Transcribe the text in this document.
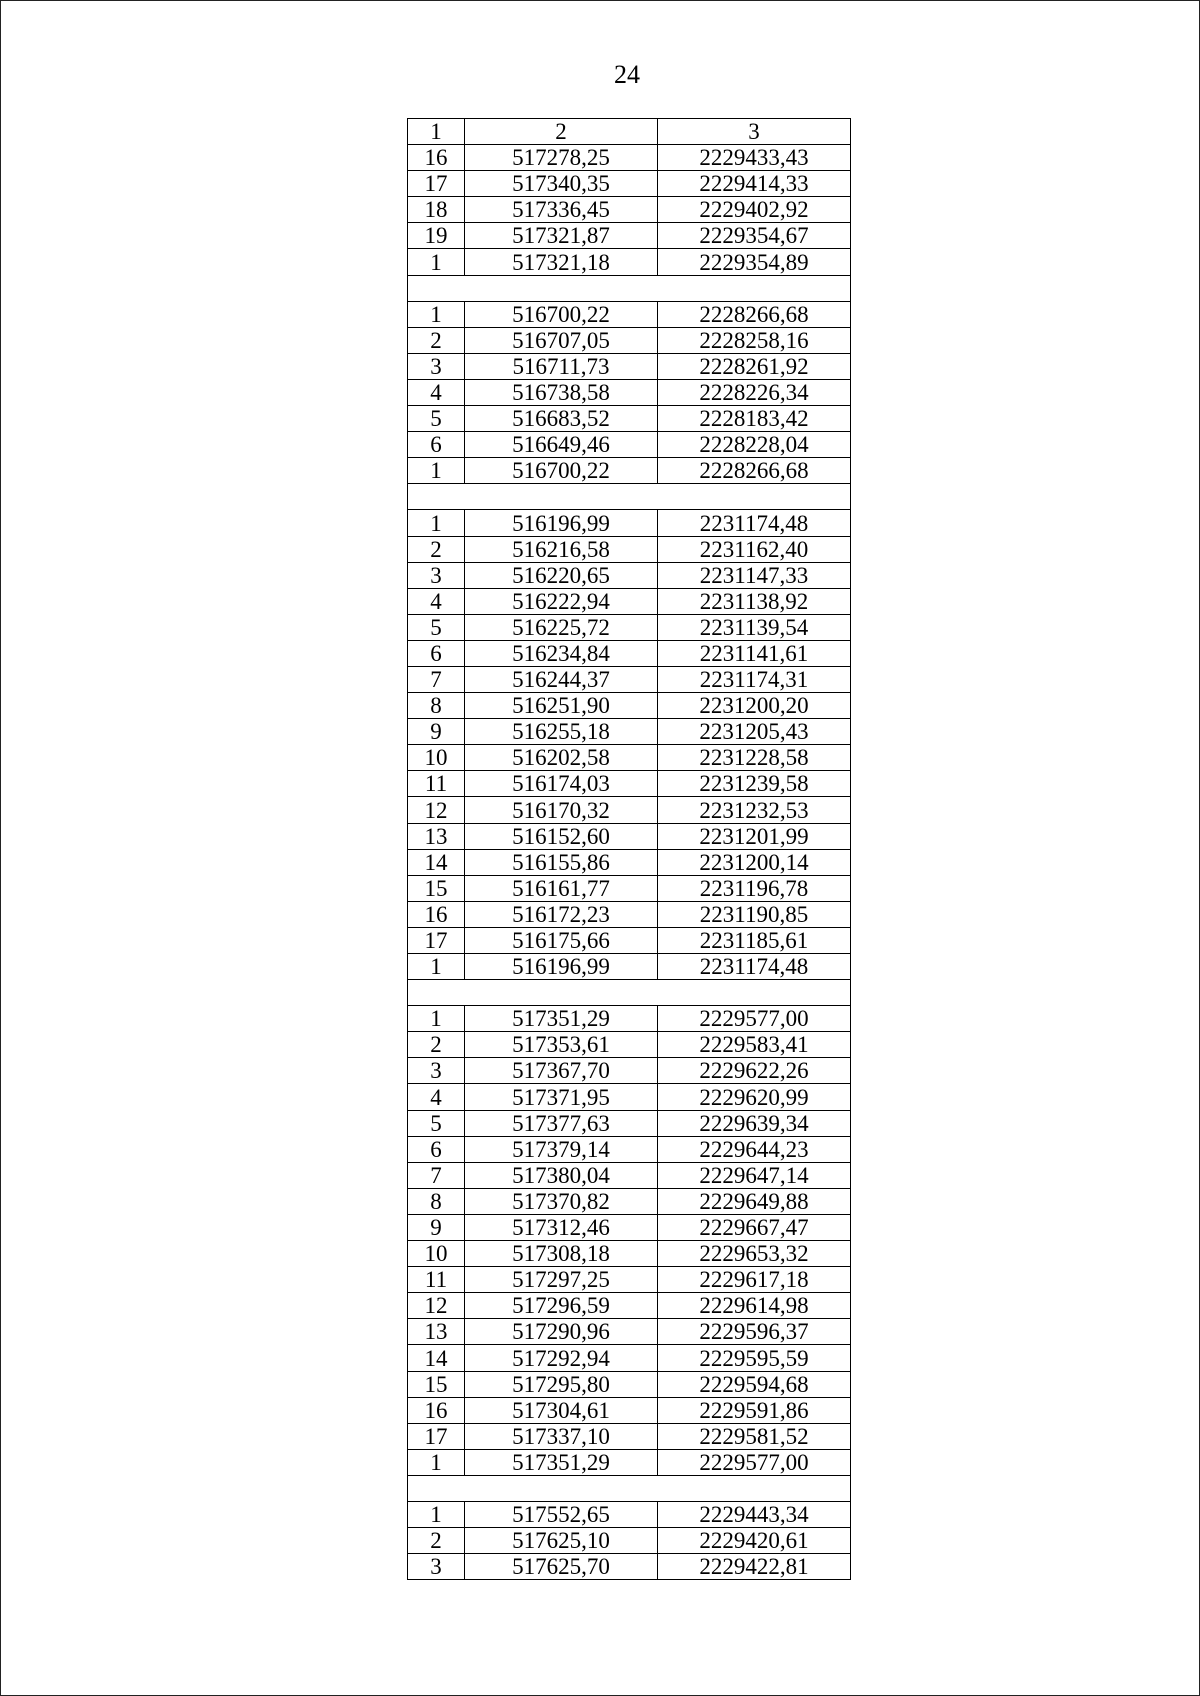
24
1	2	3
16	517278,25	2229433,43
17	517340,35	2229414,33
18	517336,45	2229402,92
19	517321,87	2229354,67
1	517321,18	2229354,89

1	516700,22	2228266,68
2	516707,05	2228258,16
3	516711,73	2228261,92
4	516738,58	2228226,34
5	516683,52	2228183,42
6	516649,46	2228228,04
1	516700,22	2228266,68

1	516196,99	2231174,48
2	516216,58	2231162,40
3	516220,65	2231147,33
4	516222,94	2231138,92
5	516225,72	2231139,54
6	516234,84	2231141,61
7	516244,37	2231174,31
8	516251,90	2231200,20
9	516255,18	2231205,43
10	516202,58	2231228,58
11	516174,03	2231239,58
12	516170,32	2231232,53
13	516152,60	2231201,99
14	516155,86	2231200,14
15	516161,77	2231196,78
16	516172,23	2231190,85
17	516175,66	2231185,61
1	516196,99	2231174,48

1	517351,29	2229577,00
2	517353,61	2229583,41
3	517367,70	2229622,26
4	517371,95	2229620,99
5	517377,63	2229639,34
6	517379,14	2229644,23
7	517380,04	2229647,14
8	517370,82	2229649,88
9	517312,46	2229667,47
10	517308,18	2229653,32
11	517297,25	2229617,18
12	517296,59	2229614,98
13	517290,96	2229596,37
14	517292,94	2229595,59
15	517295,80	2229594,68
16	517304,61	2229591,86
17	517337,10	2229581,52
1	517351,29	2229577,00

1	517552,65	2229443,34
2	517625,10	2229420,61
3	517625,70	2229422,81
